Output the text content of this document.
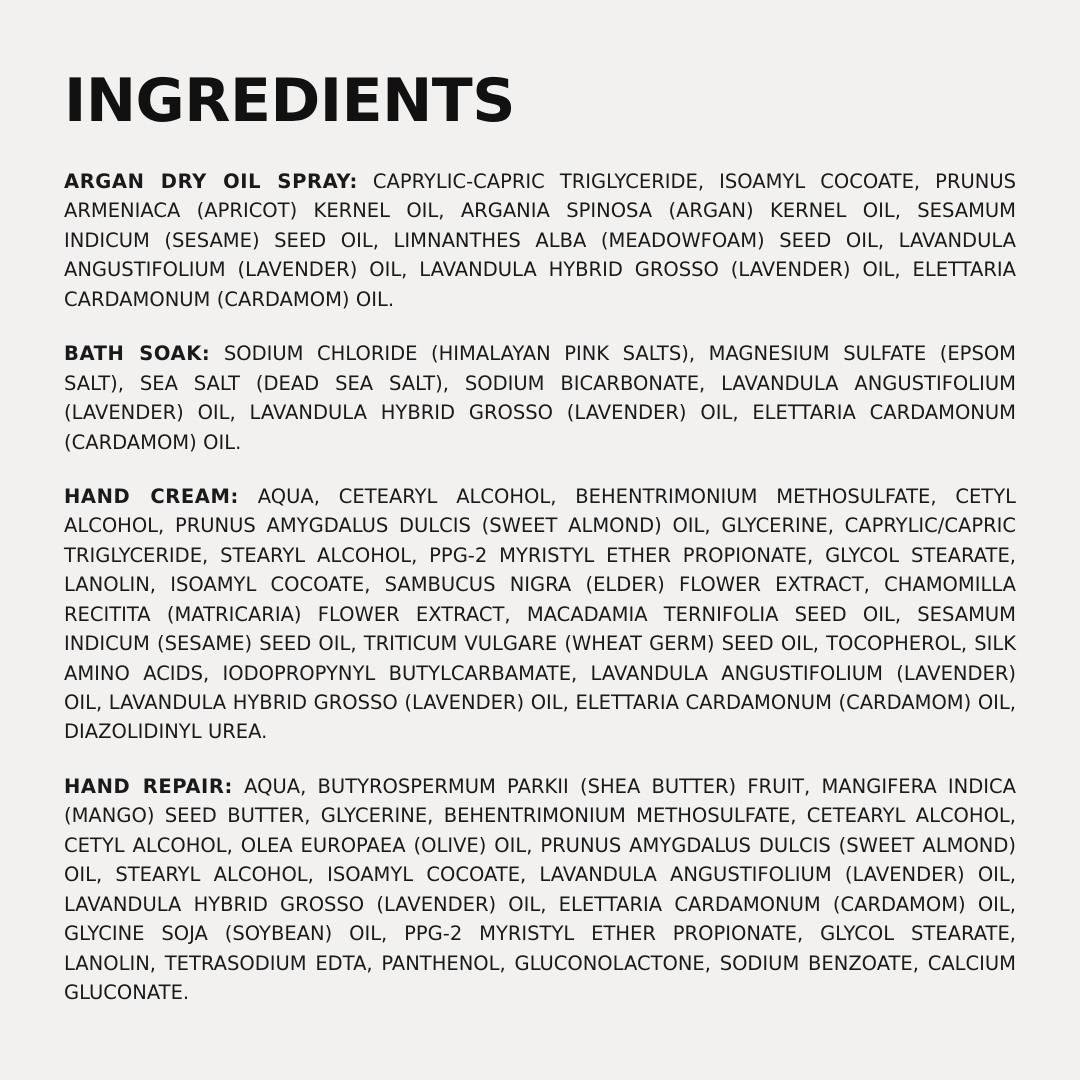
INGREDIENTS

ARGAN DRY OIL SPRAY: CAPRYLIC-CAPRIC TRIGLYCERIDE, ISOAMYL COCOATE, PRUNUS ARMENIACA (APRICOT) KERNEL OIL, ARGANIA SPINOSA (ARGAN) KERNEL OIL, SESAMUM INDICUM (SESAME) SEED OIL, LIMNANTHES ALBA (MEADOWFOAM) SEED OIL, LAVANDULA ANGUSTIFOLIUM (LAVENDER) OIL, LAVANDULA HYBRID GROSSO (LAVENDER) OIL, ELETTARIA CARDAMONUM (CARDAMOM) OIL.

BATH SOAK: SODIUM CHLORIDE (HIMALAYAN PINK SALTS), MAGNESIUM SULFATE (EPSOM SALT), SEA SALT (DEAD SEA SALT), SODIUM BICARBONATE, LAVANDULA ANGUSTIFOLIUM (LAVENDER) OIL, LAVANDULA HYBRID GROSSO (LAVENDER) OIL, ELETTARIA CARDAMONUM (CARDAMOM) OIL.

HAND CREAM: AQUA, CETEARYL ALCOHOL, BEHENTRIMONIUM METHOSULFATE, CETYL ALCOHOL, PRUNUS AMYGDALUS DULCIS (SWEET ALMOND) OIL, GLYCERINE, CAPRYLIC/CAPRIC TRIGLYCERIDE, STEARYL ALCOHOL, PPG-2 MYRISTYL ETHER PROPIONATE, GLYCOL STEARATE, LANOLIN, ISOAMYL COCOATE, SAMBUCUS NIGRA (ELDER) FLOWER EXTRACT, CHAMOMILLA RECITITA (MATRICARIA) FLOWER EXTRACT, MACADAMIA TERNIFOLIA SEED OIL, SESAMUM INDICUM (SESAME) SEED OIL, TRITICUM VULGARE (WHEAT GERM) SEED OIL, TOCOPHEROL, SILK AMINO ACIDS, IODOPROPYNYL BUTYLCARBAMATE, LAVANDULA ANGUSTIFOLIUM (LAVENDER) OIL, LAVANDULA HYBRID GROSSO (LAVENDER) OIL, ELETTARIA CARDAMONUM (CARDAMOM) OIL, DIAZOLIDINYL UREA.

HAND REPAIR: AQUA, BUTYROSPERMUM PARKII (SHEA BUTTER) FRUIT, MANGIFERA INDICA (MANGO) SEED BUTTER, GLYCERINE, BEHENTRIMONIUM METHOSULFATE, CETEARYL ALCOHOL, CETYL ALCOHOL, OLEA EUROPAEA (OLIVE) OIL, PRUNUS AMYGDALUS DULCIS (SWEET ALMOND) OIL, STEARYL ALCOHOL, ISOAMYL COCOATE, LAVANDULA ANGUSTIFOLIUM (LAVENDER) OIL, LAVANDULA HYBRID GROSSO (LAVENDER) OIL, ELETTARIA CARDAMONUM (CARDAMOM) OIL, GLYCINE SOJA (SOYBEAN) OIL, PPG-2 MYRISTYL ETHER PROPIONATE, GLYCOL STEARATE, LANOLIN, TETRASODIUM EDTA, PANTHENOL, GLUCONOLACTONE, SODIUM BENZOATE, CALCIUM GLUCONATE.
